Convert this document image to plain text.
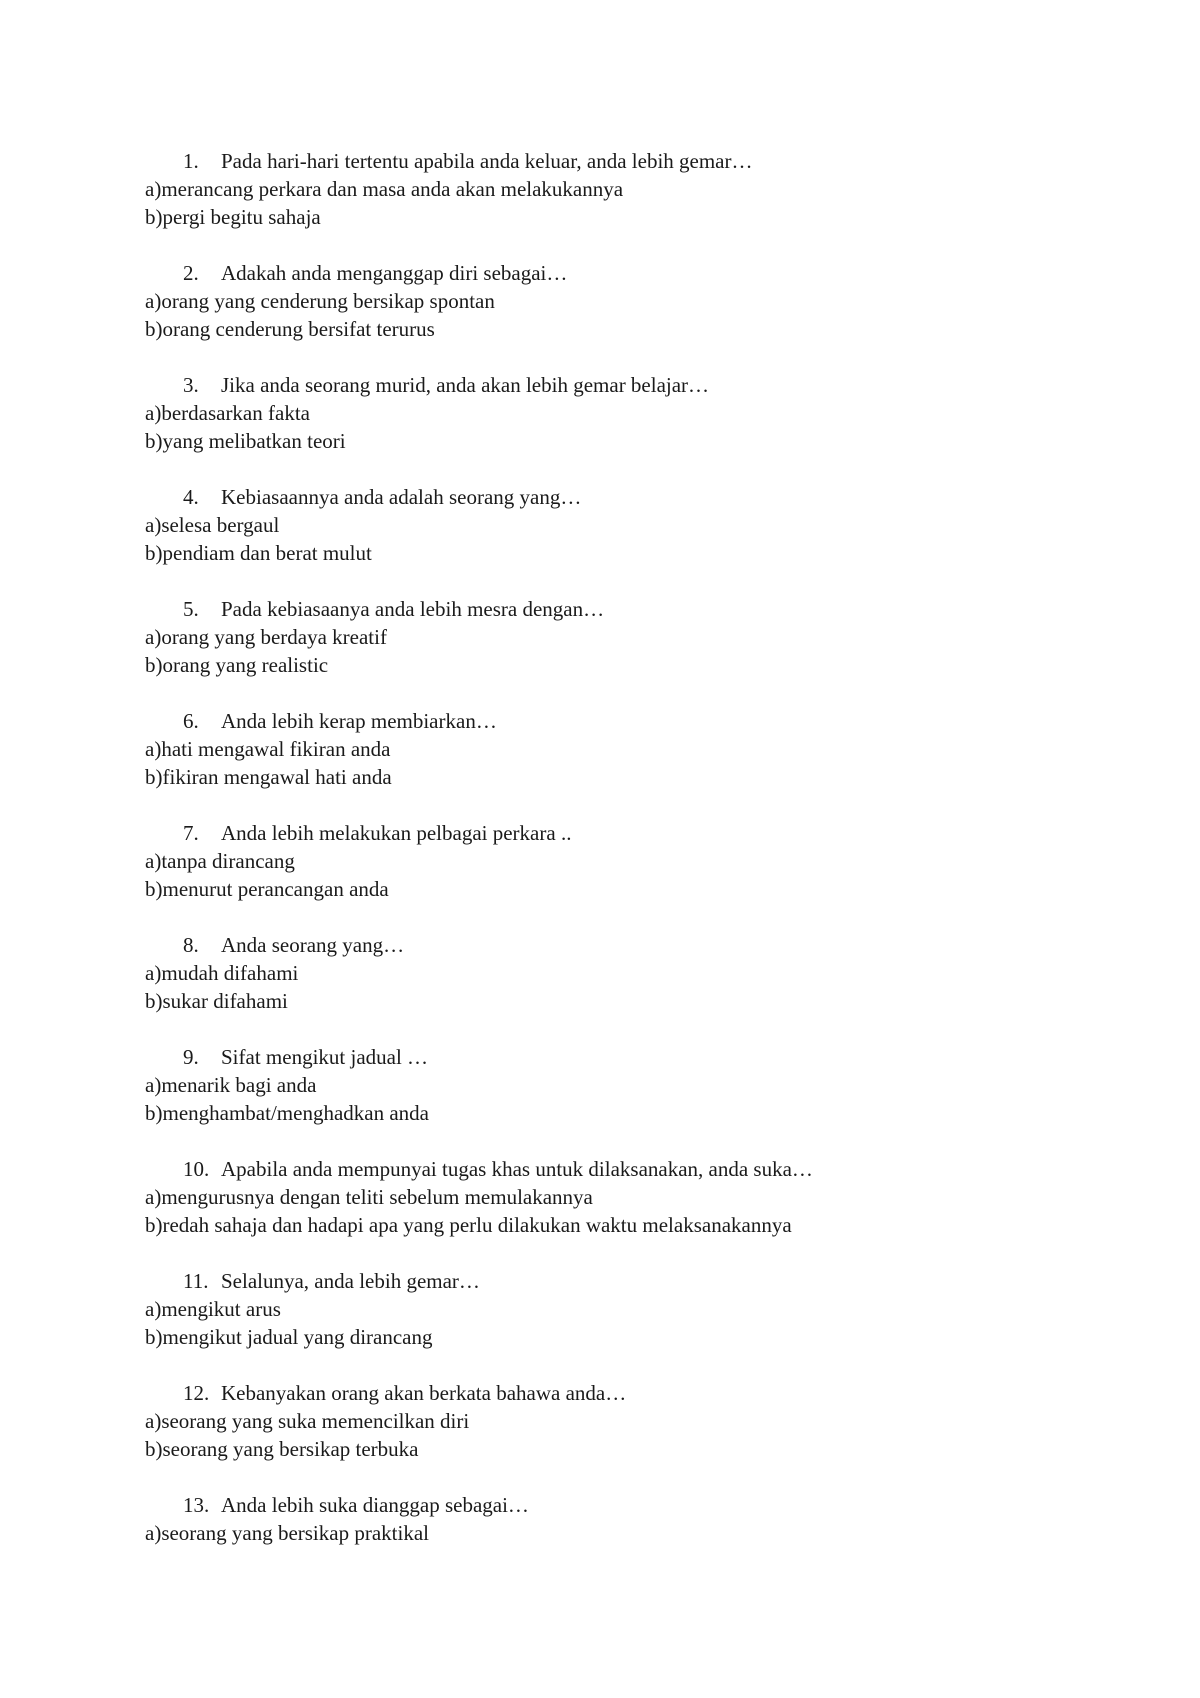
1.	Pada hari-hari tertentu apabila anda keluar, anda lebih gemar…
a)merancang perkara dan masa anda akan melakukannya
b)pergi begitu sahaja
2.	Adakah anda menganggap diri sebagai…
a)orang yang cenderung bersikap spontan
b)orang cenderung bersifat terurus
3.	Jika anda seorang murid, anda akan lebih gemar belajar…
a)berdasarkan fakta
b)yang melibatkan teori
4.	Kebiasaannya anda adalah seorang yang…
a)selesa bergaul
b)pendiam dan berat mulut
5.	Pada kebiasaanya anda lebih mesra dengan…
a)orang yang berdaya kreatif
b)orang yang realistic
6.	Anda lebih kerap membiarkan…
a)hati mengawal fikiran anda
b)fikiran mengawal hati anda
7.	Anda lebih melakukan pelbagai perkara ..
a)tanpa dirancang
b)menurut perancangan anda
8.	Anda seorang yang…
a)mudah difahami
b)sukar difahami
9.	Sifat mengikut jadual …
a)menarik bagi anda
b)menghambat/menghadkan anda
10. Apabila anda mempunyai tugas khas untuk dilaksanakan, anda suka…
a)mengurusnya dengan teliti sebelum memulakannya
b)redah sahaja dan hadapi apa yang perlu dilakukan waktu melaksanakannya
11. Selalunya, anda lebih gemar…
a)mengikut arus
b)mengikut jadual yang dirancang
12. Kebanyakan orang akan berkata bahawa anda…
a)seorang yang suka memencilkan diri
b)seorang yang bersikap terbuka
13. Anda lebih suka dianggap sebagai…
a)seorang yang bersikap praktikal
